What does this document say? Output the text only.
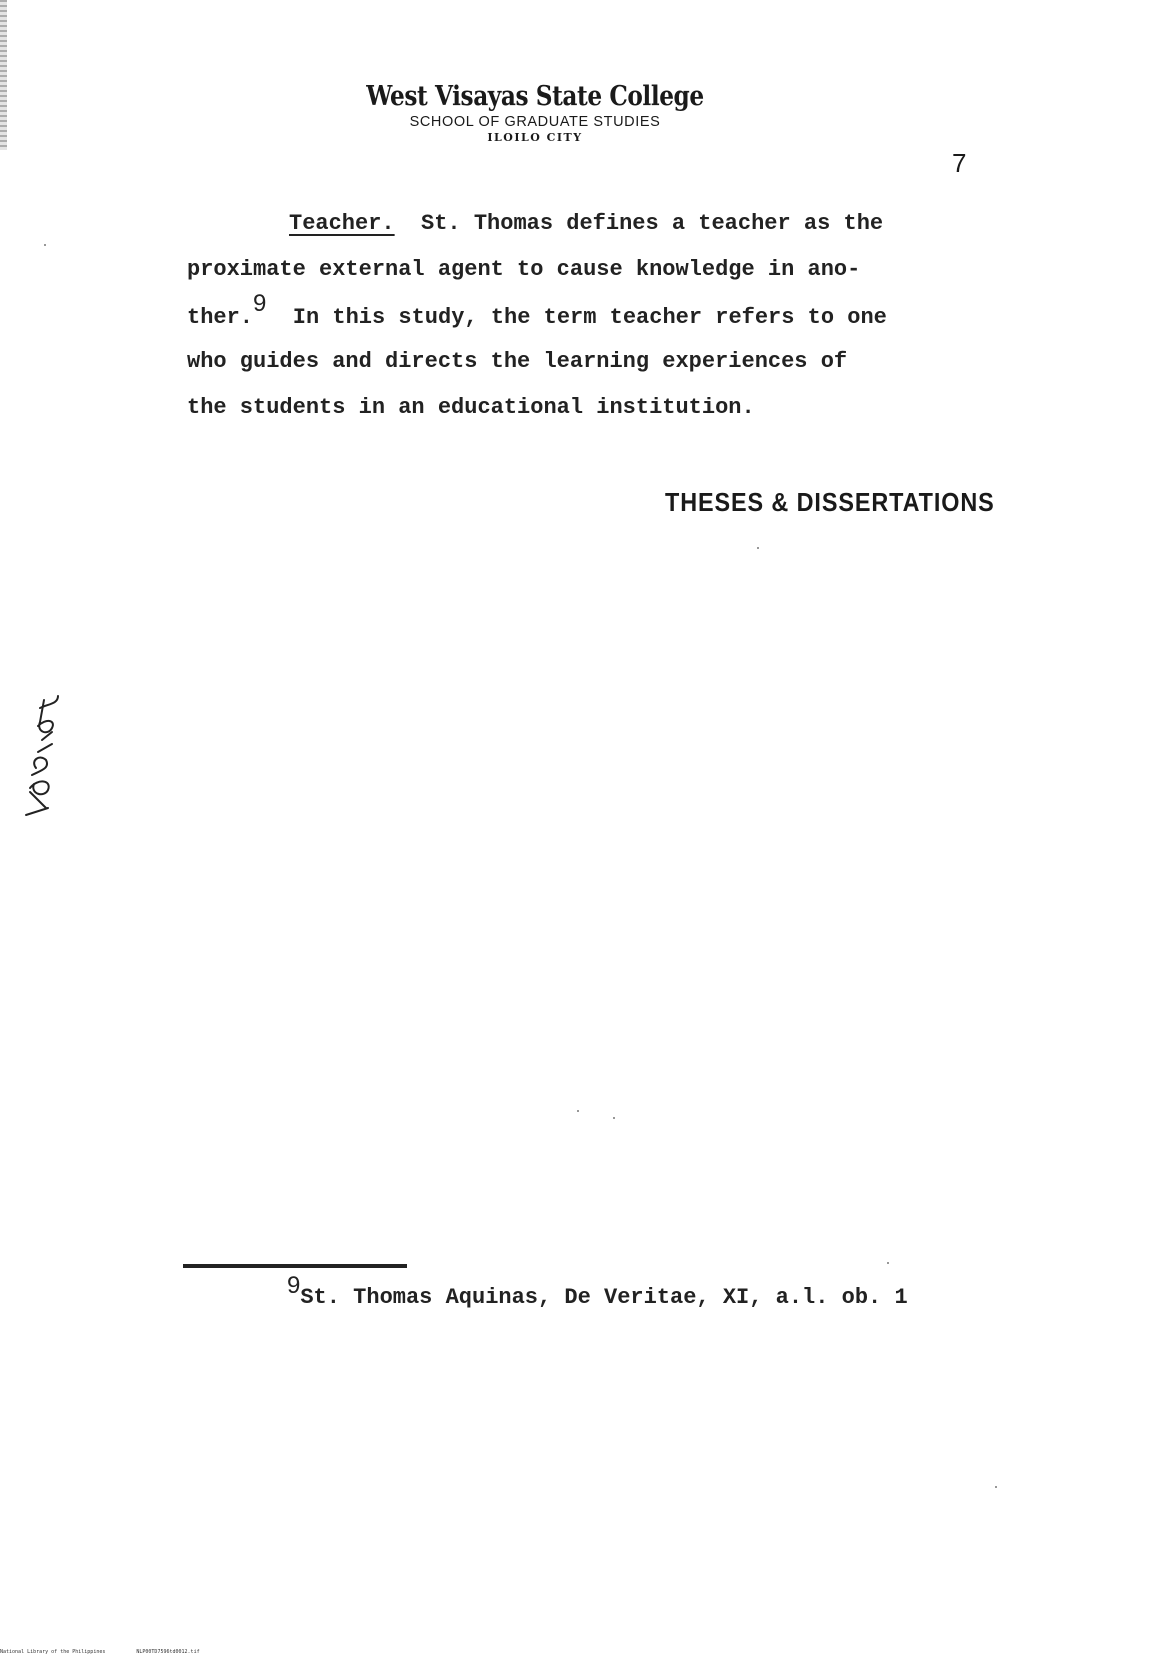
West Visayas State College
SCHOOL OF GRADUATE STUDIES
ILOILO CITY
7
Teacher. St. Thomas defines a teacher as the
proximate external agent to cause knowledge in ano-
ther.9  In this study, the term teacher refers to one
who guides and directs the learning experiences of
the students in an educational institution.
THESES & DISSERTATIONS
9St. Thomas Aquinas, De Veritae, XI, a.l. ob. 1
National Library of the Philippines	NLP00TD7596td0012.tif
